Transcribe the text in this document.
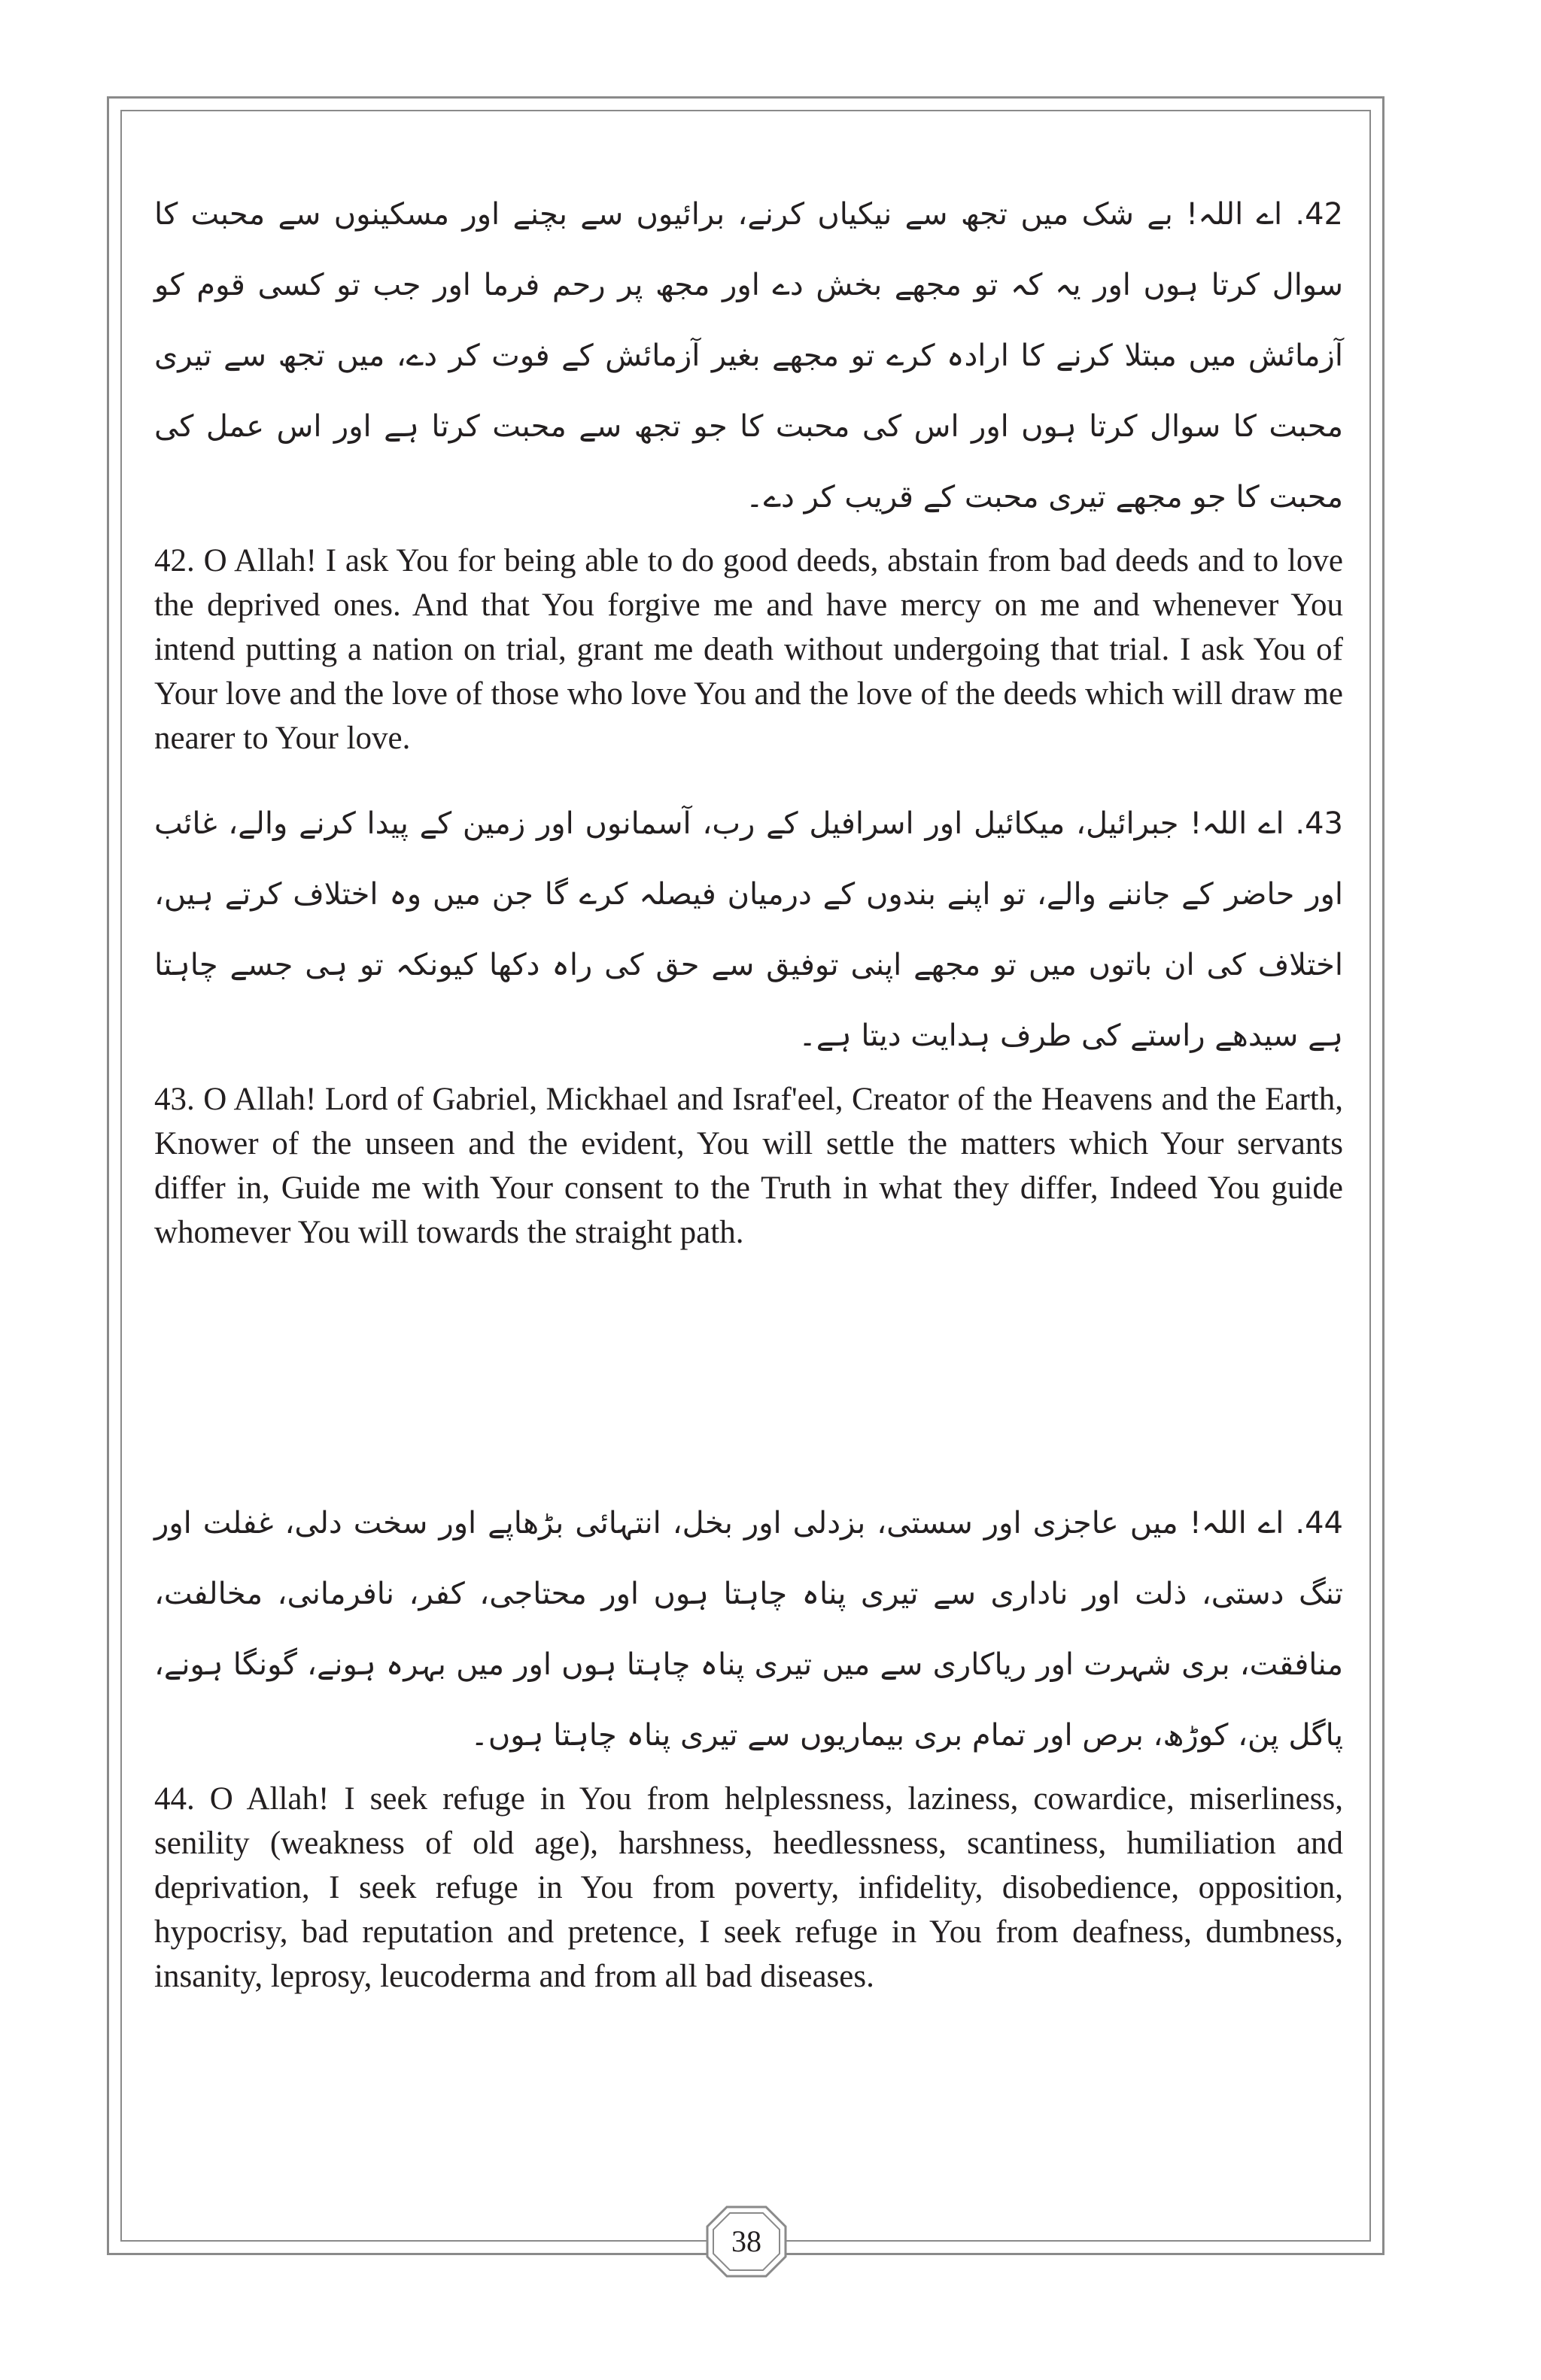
42. اے اللہ! بے شک میں تجھ سے نیکیاں کرنے، برائیوں سے بچنے اور مسکینوں سے محبت کا سوال کرتا ہوں اور یہ کہ تو مجھے بخش دے اور مجھ پر رحم فرما اور جب تو کسی قوم کو آزمائش میں مبتلا کرنے کا ارادہ کرے تو مجھے بغیر آزمائش کے فوت کر دے، میں تجھ سے تیری محبت کا سوال کرتا ہوں اور اس کی محبت کا جو تجھ سے محبت کرتا ہے اور اس عمل کی محبت کا جو مجھے تیری محبت کے قریب کر دے۔

42. O Allah! I ask You for being able to do good deeds, abstain from bad deeds and to love the deprived ones. And that You forgive me and have mercy on me and whenever You intend putting a nation on trial, grant me death without undergoing that trial. I ask You of Your love and the love of those who love You and the love of the deeds which will draw me nearer to Your love.

43. اے اللہ! جبرائیل، میکائیل اور اسرافیل کے رب، آسمانوں اور زمین کے پیدا کرنے والے، غائب اور حاضر کے جاننے والے، تو اپنے بندوں کے درمیان فیصلہ کرے گا جن میں وہ اختلاف کرتے ہیں، اختلاف کی ان باتوں میں تو مجھے اپنی توفیق سے حق کی راہ دکھا کیونکہ تو ہی جسے چاہتا ہے سیدھے راستے کی طرف ہدایت دیتا ہے۔

43. O Allah! Lord of Gabriel, Mickhael and Israf'eel, Creator of the Heavens and the Earth, Knower of the unseen and the evident, You will settle the matters which Your servants differ in, Guide me with Your consent to the Truth in what they differ, Indeed You guide whomever You will towards the straight path.

44. اے اللہ! میں عاجزی اور سستی، بزدلی اور بخل، انتہائی بڑھاپے اور سخت دلی، غفلت اور تنگ دستی، ذلت اور ناداری سے تیری پناہ چاہتا ہوں اور محتاجی، کفر، نافرمانی، مخالفت، منافقت، بری شہرت اور ریاکاری سے میں تیری پناہ چاہتا ہوں اور میں بہرہ ہونے، گونگا ہونے، پاگل پن، کوڑھ، برص اور تمام بری بیماریوں سے تیری پناہ چاہتا ہوں۔

44. O Allah! I seek refuge in You from helplessness, laziness, cowardice, miserliness, senility (weakness of old age), harshness, heedlessness, scantiness, humiliation and deprivation, I seek refuge in You from poverty, infidelity, disobedience, opposition, hypocrisy, bad reputation and pretence, I seek refuge in You from deafness, dumbness, insanity, leprosy, leucoderma and from all bad diseases.

38
